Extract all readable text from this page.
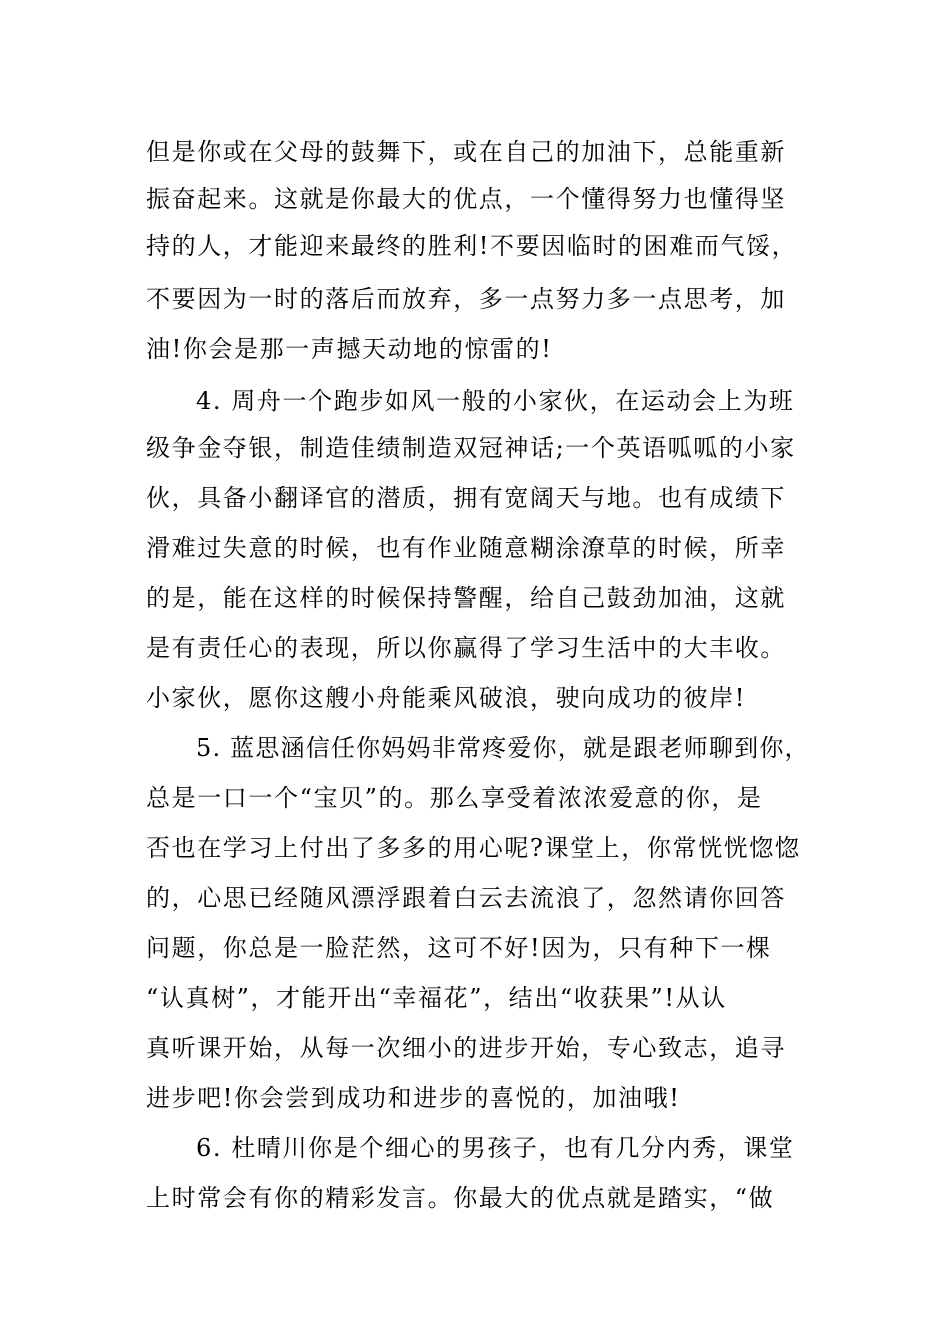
但是你或在父母的鼓舞下，或在自己的加油下，总能重新
振奋起来。这就是你最大的优点，一个懂得努力也懂得坚
持的人，才能迎来最终的胜利!不要因临时的困难而气馁，
不要因为一时的落后而放弃，多一点努力多一点思考，加
油!你会是那一声撼天动地的惊雷的!
4. 周舟一个跑步如风一般的小家伙，在运动会上为班
级争金夺银，制造佳绩制造双冠神话;一个英语呱呱的小家
伙，具备小翻译官的潜质，拥有宽阔天与地。也有成绩下
滑难过失意的时候，也有作业随意糊涂潦草的时候，所幸
的是，能在这样的时候保持警醒，给自己鼓劲加油，这就
是有责任心的表现，所以你赢得了学习生活中的大丰收。
小家伙，愿你这艘小舟能乘风破浪，驶向成功的彼岸!
5. 蓝思涵信任你妈妈非常疼爱你，就是跟老师聊到你，
总是一口一个“宝贝”的。那么享受着浓浓爱意的你，是
否也在学习上付出了多多的用心呢?课堂上，你常恍恍惚惚
的，心思已经随风漂浮跟着白云去流浪了，忽然请你回答
问题，你总是一脸茫然，这可不好!因为，只有种下一棵
“认真树”，才能开出“幸福花”，结出“收获果”!从认
真听课开始，从每一次细小的进步开始，专心致志，追寻
进步吧!你会尝到成功和进步的喜悦的，加油哦!
6. 杜晴川你是个细心的男孩子，也有几分内秀，课堂
上时常会有你的精彩发言。你最大的优点就是踏实，“做
